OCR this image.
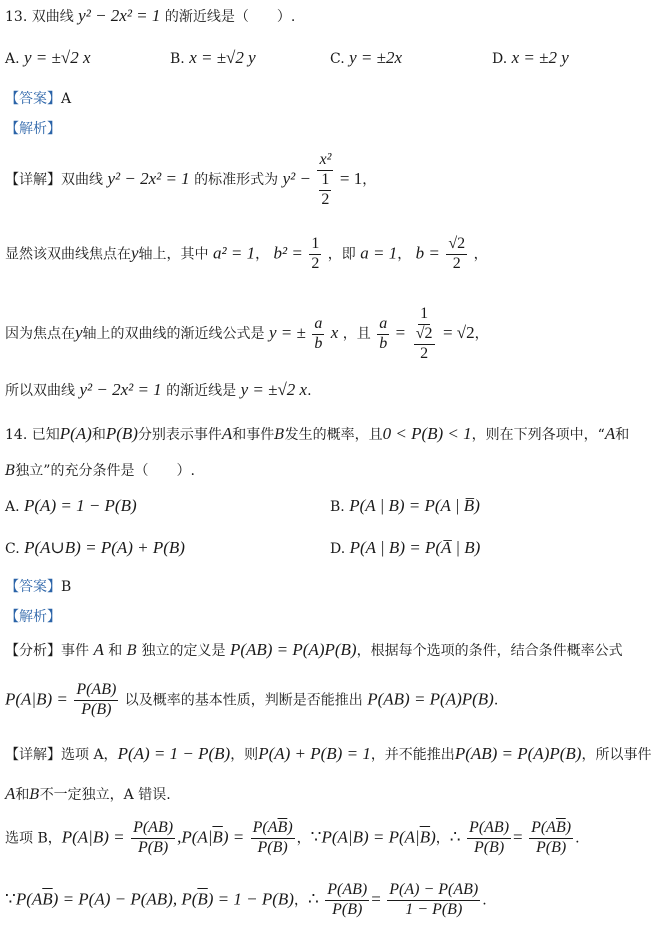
13. 双曲线 y² − 2x² = 1 的渐近线是（　　）.
A. y = ±√2 x	B. x = ±√2 y	C. y = ±2x	D. x = ±2 y
【答案】A
【解析】
【详解】双曲线 y² − 2x² = 1 的标准形式为 $y^2 - \frac{\text{x²}}{\frac{1}{2}} = 1$，
显然该双曲线焦点在y轴上，其中 a² = 1， $b^2 = \frac{1}{2}$ ，即 a = 1， $b = \frac{√2}{2}$ ，
因为焦点在y轴上的双曲线的渐近线公式是 y = ± $\frac{a}{b}$ x ，且 $\frac{a}{b} = \frac{1}{\frac{√2}{2}} = √2$，
所以双曲线 y² − 2x² = 1 的渐近线是 y = ±√2 x.
14. 已知P(A)和P(B)分别表示事件A和事件B发生的概率，且0 < P(B) < 1，则在下列各项中，“A和
B独立”的充分条件是（　　）.
A. P(A) = 1 − P(B)	B. P(A | B) = P(A | B̅)
C. P(A∪B) = P(A) + P(B)	D. P(A | B) = P(A̅ | B)
【答案】B
【解析】
【分析】事件 A 和 B 独立的定义是 P(AB) = P(A)P(B)，根据每个选项的条件，结合条件概率公式
$P(A|B) = \frac{P(AB)}{P(B)}$ 以及概率的基本性质，判断是否能推出 P(AB) = P(A)P(B).
【详解】选项 A，P(A) = 1 − P(B)，则P(A) + P(B) = 1，并不能推出P(AB) = P(A)P(B)，所以事件
A和B不一定独立，A 错误.
选项 B，$P(A|B) = \frac{P(AB)}{P(B)} ,P(A|\overline{B}) = \frac{P(A\overline{B})}{P(\overline{B})}$ ，∵P(A|B) = $P(A|\overline{B})$，∴ $\frac{P(AB)}{P(B)} = \frac{P(A\overline{B})}{P(\overline{B})}$ .
$\because P(A\overline{B}) = P(A) - P(AB)$, $P(\overline{B}) = 1 - P(B)$，∴ $\frac{P(AB)}{P(B)} = \frac{P(A) - P(AB)}{1 - P(B)}$ .
